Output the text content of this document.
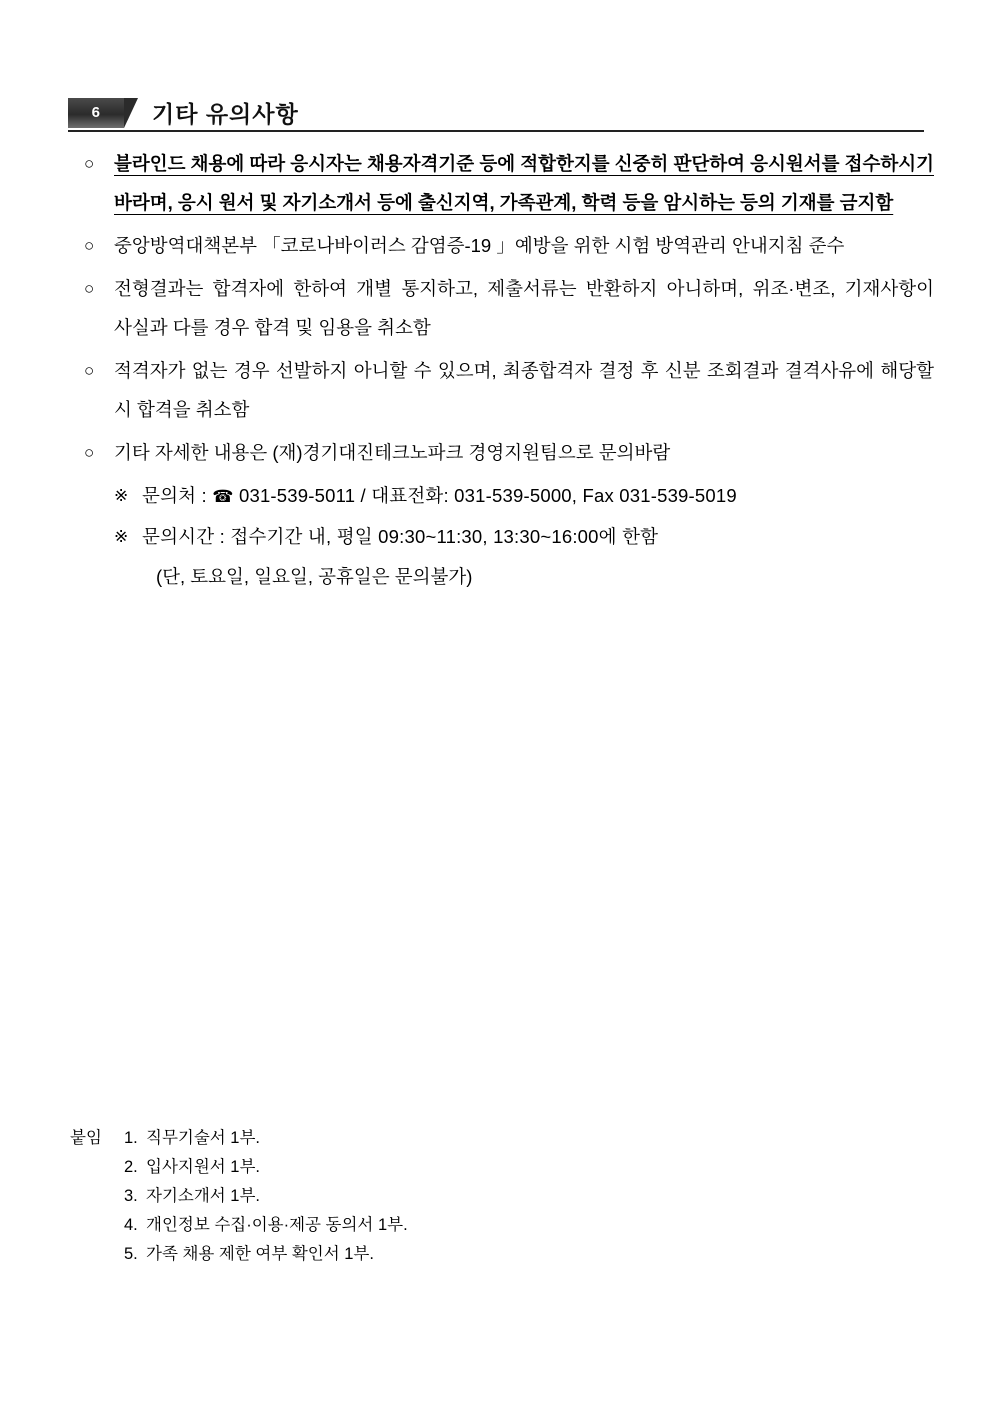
6	기타 유의사항
○	블라인드 채용에 따라 응시자는 채용자격기준 등에 적합한지를 신중히 판단하여 응시원서를 접수하시기 바라며, 응시 원서 및 자기소개서 등에 출신지역, 가족관계, 학력 등을 암시하는 등의 기재를 금지함
○	중앙방역대책본부 「코로나바이러스 감염증-19 」예방을 위한 시험 방역관리 안내지침 준수
○	전형결과는 합격자에 한하여 개별 통지하고, 제출서류는 반환하지 아니하며, 위조·변조, 기재사항이 사실과 다를 경우 합격 및 임용을 취소함
○	적격자가 없는 경우 선발하지 아니할 수 있으며, 최종합격자 결정 후 신분 조회결과 결격사유에 해당할 시 합격을 취소함
○	기타 자세한 내용은 (재)경기대진테크노파크 경영지원팀으로 문의바람
※ 문의처 : ☎ 031-539-5011 / 대표전화: 031-539-5000, Fax 031-539-5019
※ 문의시간 : 접수기간 내, 평일 09:30~11:30, 13:30~16:00에 한함
(단, 토요일, 일요일, 공휴일은 문의불가)
붙임	1. 직무기술서 1부.
2. 입사지원서 1부.
3. 자기소개서 1부.
4. 개인정보 수집·이용·제공 동의서 1부.
5. 가족 채용 제한 여부 확인서 1부.
